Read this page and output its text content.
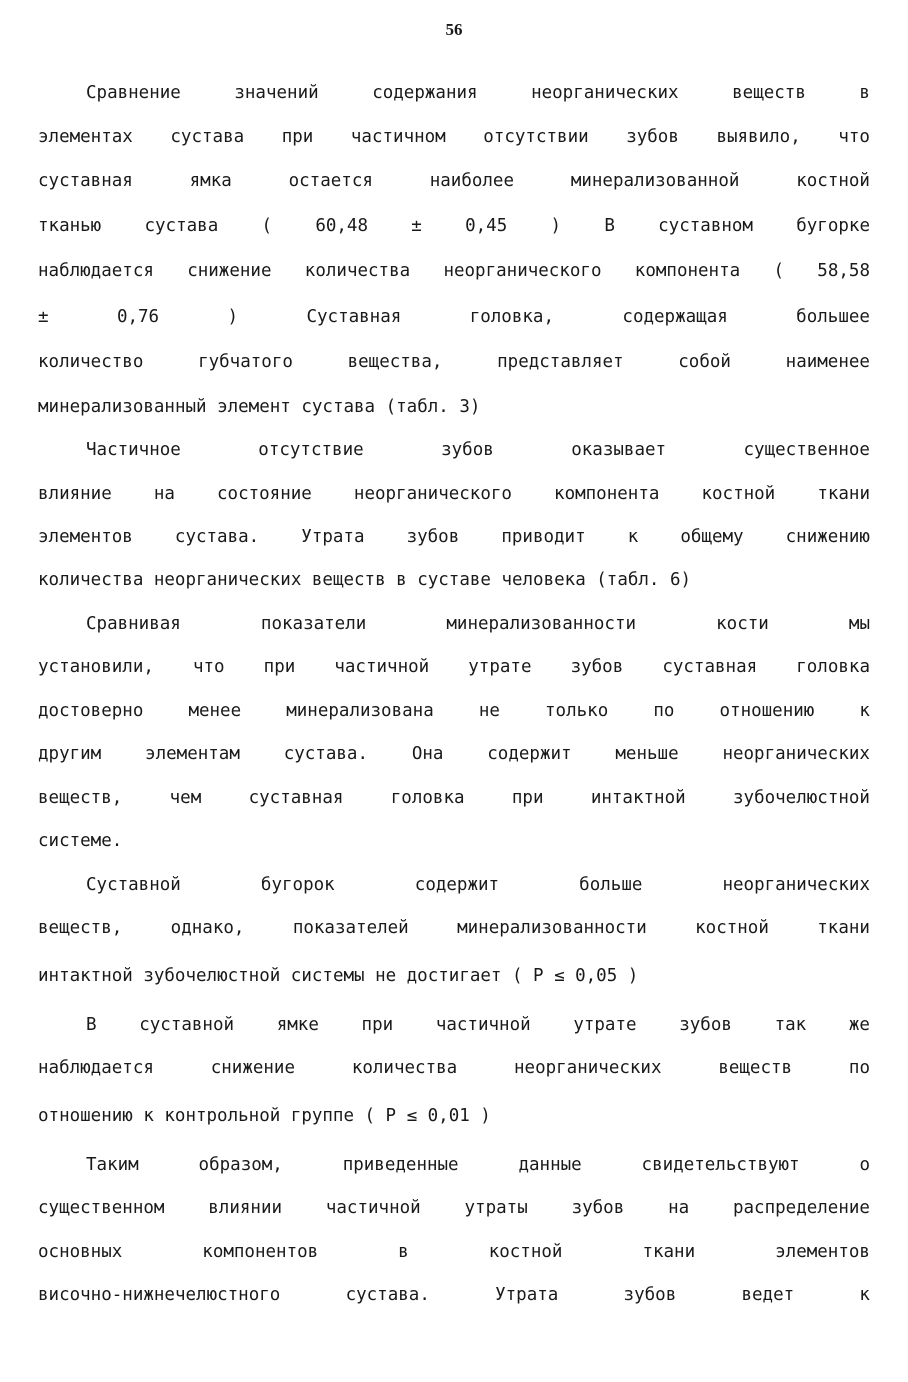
56
Сравнение	значений	содержания	неорганических	веществ	в
элементах сустава при частичном отсутствии зубов выявило, что
суставная	ямка	остается	наиболее	минерализованной	костной
тканью сустава ( 60,48 ± 0,45 ) В суставном бугорке
наблюдается снижение количества неорганического компонента ( 58,58
±	0,76	)	Суставная	головка,	содержащая	большее
количество	губчатого	вещества,	представляет	собой	наименее
минерализованный элемент сустава (табл. 3)
Частичное	отсутствие	зубов	оказывает	существенное
влияние на состояние неорганического компонента костной ткани
элементов сустава. Утрата зубов приводит к общему снижению
количества неорганических веществ в суставе человека (табл. 6)
Сравнивая	показатели	минерализованности	кости	мы
установили, что при частичной утрате зубов суставная головка
достоверно	менее	минерализована	не	только	по	отношению	к
другим	элементам	сустава.	Она	содержит	меньше	неорганических
веществ,	чем	суставная	головка	при	интактной	зубочелюстной
системе.
Суставной	бугорок	содержит	больше	неорганических
веществ,	однако,	показателей	минерализованности	костной	ткани
интактной зубочелюстной системы не достигает ( P ≤ 0,05 )
В суставной ямке при частичной утрате зубов так же
наблюдается	снижение	количества	неорганических	веществ	по
отношению к контрольной группе ( P ≤ 0,01 )
Таким	образом,	приведенные	данные	свидетельствуют	о
существенном	влиянии	частичной	утраты	зубов	на	распределение
основных	компонентов	в	костной	ткани	элементов
височно-нижнечелюстного	сустава.	Утрата	зубов	ведет	к
